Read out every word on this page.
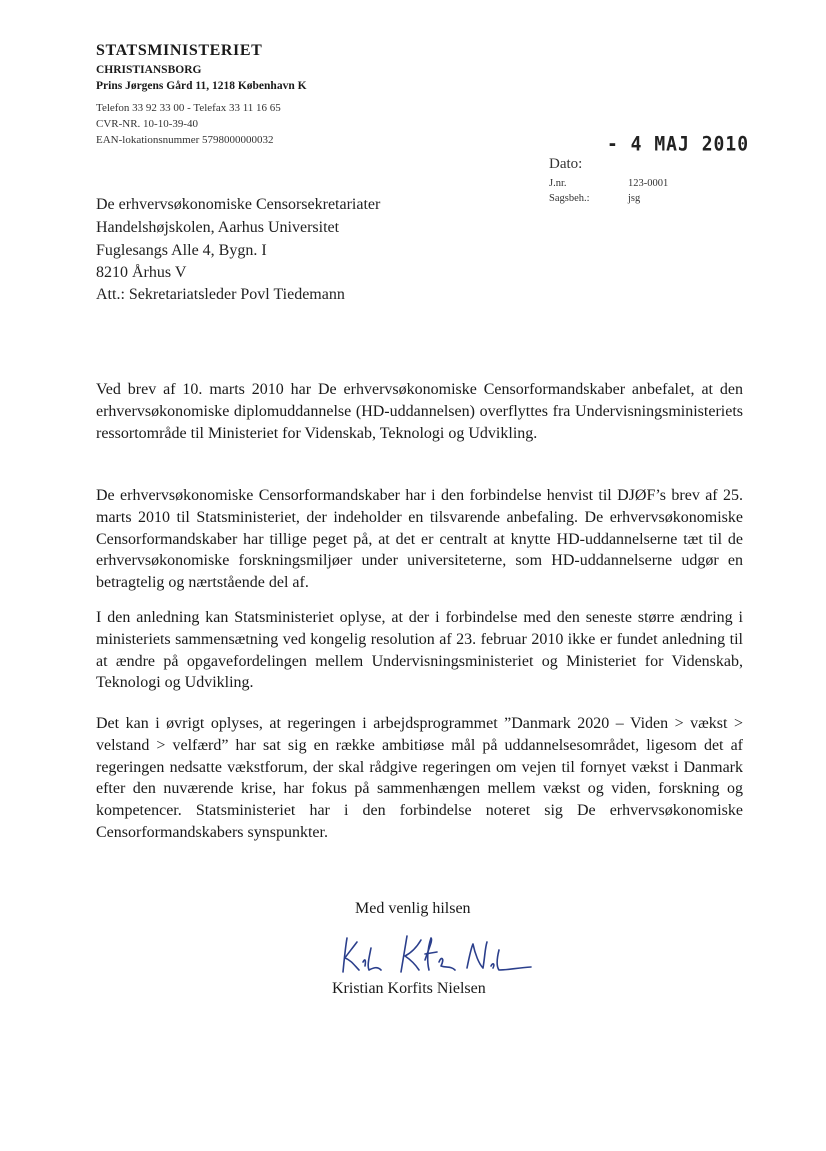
STATSMINISTERIET
CHRISTIANSBORG
Prins Jørgens Gård 11, 1218 København K
Telefon 33 92 33 00 - Telefax 33 11 16 65
CVR-NR. 10-10-39-40
EAN-lokationsnummer 5798000000032	- 4 MAJ 2010
Dato:
J.nr.	123-0001
Sagsbeh.:	jsg
De erhvervsøkonomiske Censorsekretariater
Handelshøjskolen, Aarhus Universitet
Fuglesangs Alle 4, Bygn. I
8210 Århus V
Att.: Sekretariatsleder Povl Tiedemann
Ved brev af 10. marts 2010 har De erhvervsøkonomiske Censorformandskaber anbefalet, at den erhvervsøkonomiske diplomuddannelse (HD-uddannelsen) overflyttes fra Undervisningsministeriets ressortområde til Ministeriet for Videnskab, Teknologi og Udvikling.
De erhvervsøkonomiske Censorformandskaber har i den forbindelse henvist til DJØF’s brev af 25. marts 2010 til Statsministeriet, der indeholder en tilsvarende anbefaling. De erhvervsøkonomiske Censorformandskaber har tillige peget på, at det er centralt at knytte HD-uddannelserne tæt til de erhvervsøkonomiske forskningsmiljøer under universiteterne, som HD-uddannelserne udgør en betragtelig og nærtstående del af.
I den anledning kan Statsministeriet oplyse, at der i forbindelse med den seneste større ændring i ministeriets sammensætning ved kongelig resolution af 23. februar 2010 ikke er fundet anledning til at ændre på opgavefordelingen mellem Undervisningsministeriet og Ministeriet for Videnskab, Teknologi og Udvikling.
Det kan i øvrigt oplyses, at regeringen i arbejdsprogrammet ”Danmark 2020 – Viden > vækst > velstand > velfærd” har sat sig en række ambitiøse mål på uddannelsesområdet, ligesom det af regeringen nedsatte vækstforum, der skal rådgive regeringen om vejen til fornyet vækst i Danmark efter den nuværende krise, har fokus på sammenhængen mellem vækst og viden, forskning og kompetencer. Statsministeriet har i den forbindelse noteret sig De erhvervsøkonomiske Censorformandskabers synspunkter.
Med venlig hilsen
Kristian Korfits Nielsen
